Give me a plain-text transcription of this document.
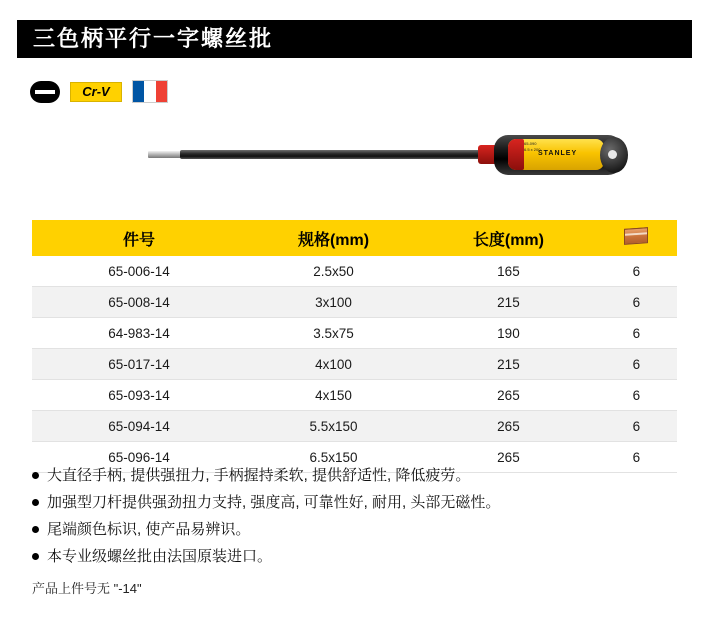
三色柄平行一字螺丝批
Cr-V
65-090
6.5 x 200
STANLEY
件号	规格(mm)	长度(mm)	
65-006-14	2.5x50	165	6
65-008-14	3x100	215	6
64-983-14	3.5x75	190	6
65-017-14	4x100	215	6
65-093-14	4x150	265	6
65-094-14	5.5x150	265	6
65-096-14	6.5x150	265	6
大直径手柄, 提供强扭力, 手柄握持柔软, 提供舒适性, 降低疲劳。
加强型刀杆提供强劲扭力支持, 强度高, 可靠性好, 耐用, 头部无磁性。
尾端颜色标识, 使产品易辨识。
本专业级螺丝批由法国原装进口。
产品上件号无 "-14"
